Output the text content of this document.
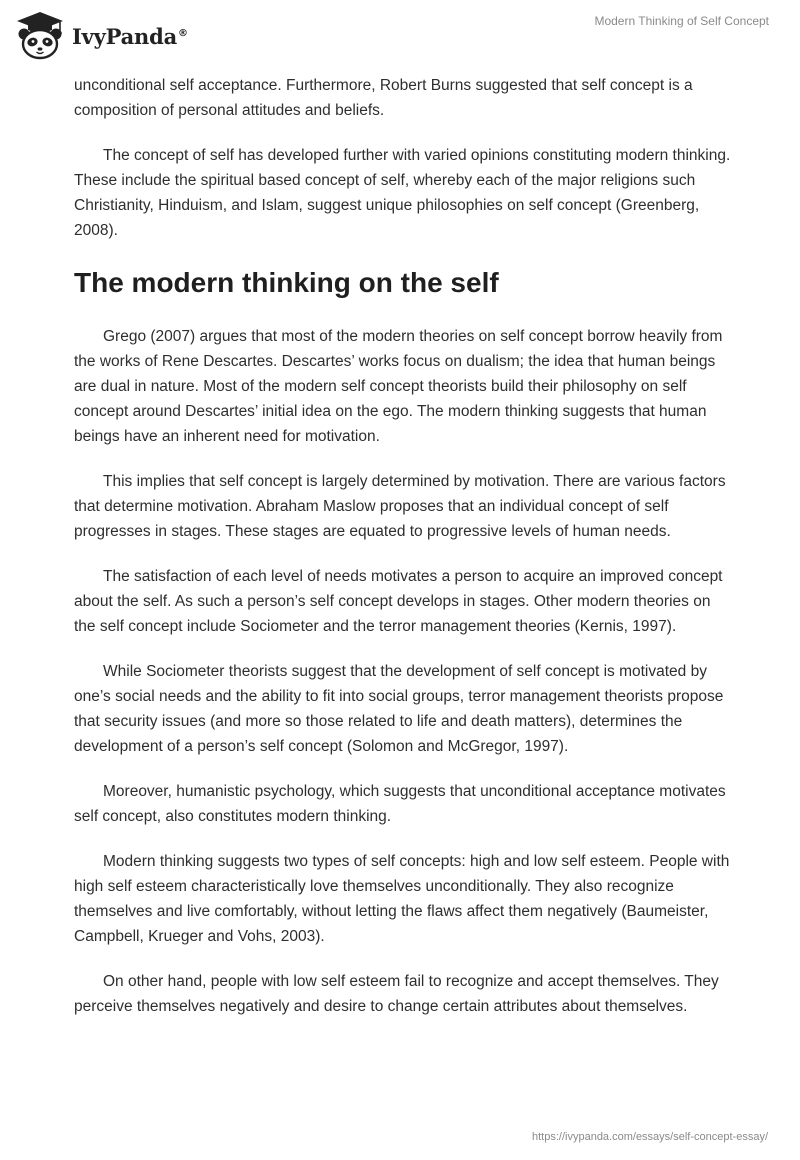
IvyPanda®
Modern Thinking of Self Concept

unconditional self acceptance. Furthermore, Robert Burns suggested that self concept is a composition of personal attitudes and beliefs.

The concept of self has developed further with varied opinions constituting modern thinking. These include the spiritual based concept of self, whereby each of the major religions such Christianity, Hinduism, and Islam, suggest unique philosophies on self concept (Greenberg, 2008).

The modern thinking on the self

Grego (2007) argues that most of the modern theories on self concept borrow heavily from the works of Rene Descartes. Descartes’ works focus on dualism; the idea that human beings are dual in nature. Most of the modern self concept theorists build their philosophy on self concept around Descartes’ initial idea on the ego. The modern thinking suggests that human beings have an inherent need for motivation.

This implies that self concept is largely determined by motivation. There are various factors that determine motivation. Abraham Maslow proposes that an individual concept of self progresses in stages. These stages are equated to progressive levels of human needs.

The satisfaction of each level of needs motivates a person to acquire an improved concept about the self. As such a person’s self concept develops in stages. Other modern theories on the self concept include Sociometer and the terror management theories (Kernis, 1997).

While Sociometer theorists suggest that the development of self concept is motivated by one’s social needs and the ability to fit into social groups, terror management theorists propose that security issues (and more so those related to life and death matters), determines the development of a person’s self concept (Solomon and McGregor, 1997).

Moreover, humanistic psychology, which suggests that unconditional acceptance motivates self concept, also constitutes modern thinking.

Modern thinking suggests two types of self concepts: high and low self esteem. People with high self esteem characteristically love themselves unconditionally. They also recognize themselves and live comfortably, without letting the flaws affect them negatively (Baumeister, Campbell, Krueger and Vohs, 2003).

On other hand, people with low self esteem fail to recognize and accept themselves. They perceive themselves negatively and desire to change certain attributes about themselves.

https://ivypanda.com/essays/self-concept-essay/
